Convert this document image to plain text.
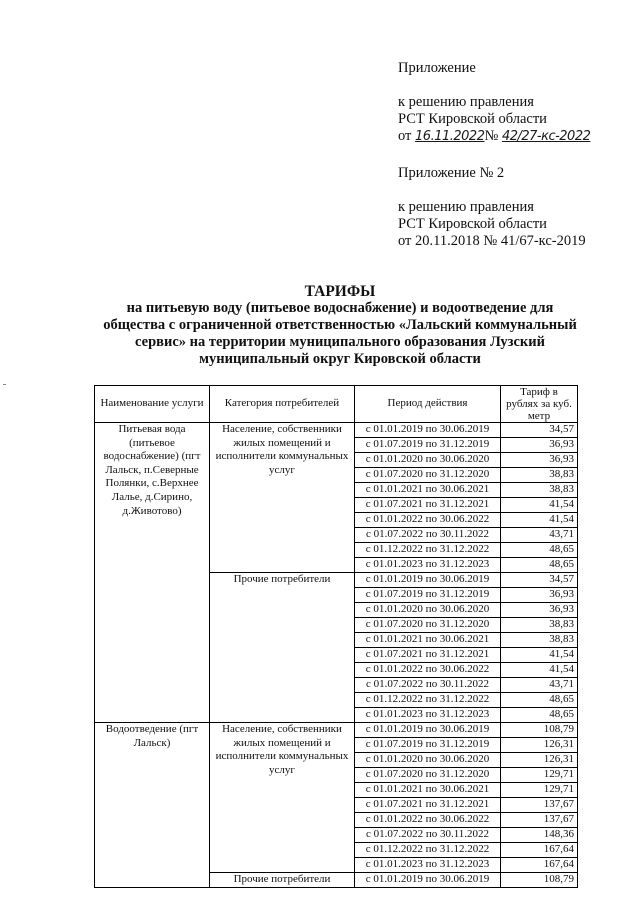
Приложение

к решению правления

РСТ Кировской области

от 16.11.2022№ 42/27-кс-2022

Приложение № 2

к решению правления

РСТ Кировской области

от 20.11.2018 № 41/67-кс-2019

ТАРИФЫ

на питьевую воду (питьевое водоснабжение) и водоотведение для

общества с ограниченной ответственностью «Лальский коммунальный

сервис» на территории муниципального образования Лузский

муниципальный округ Кировской области

Наименование услуги	Категория потребителей	Период действия	Тариф в рублях за куб. метр
Питьевая вода (питьевое водоснабжение) (пгт Лальск, п.Северные Полянки, с.Верхнее Лалье, д.Сирино, д.Животово)	Население, собственники жилых помещений и исполнители коммунальных услуг	с 01.01.2019 по 30.06.2019	34,57
		с 01.07.2019 по 31.12.2019	36,93
		с 01.01.2020 по 30.06.2020	36,93
		с 01.07.2020 по 31.12.2020	38,83
		с 01.01.2021 по 30.06.2021	38,83
		с 01.07.2021 по 31.12.2021	41,54
		с 01.01.2022 по 30.06.2022	41,54
		с 01.07.2022 по 30.11.2022	43,71
		с 01.12.2022 по 31.12.2022	48,65
		с 01.01.2023 по 31.12.2023	48,65
	Прочие потребители	с 01.01.2019 по 30.06.2019	34,57
		с 01.07.2019 по 31.12.2019	36,93
		с 01.01.2020 по 30.06.2020	36,93
		с 01.07.2020 по 31.12.2020	38,83
		с 01.01.2021 по 30.06.2021	38,83
		с 01.07.2021 по 31.12.2021	41,54
		с 01.01.2022 по 30.06.2022	41,54
		с 01.07.2022 по 30.11.2022	43,71
		с 01.12.2022 по 31.12.2022	48,65
		с 01.01.2023 по 31.12.2023	48,65
Водоотведение (пгт Лальск)	Население, собственники жилых помещений и исполнители коммунальных услуг	с 01.01.2019 по 30.06.2019	108,79
		с 01.07.2019 по 31.12.2019	126,31
		с 01.01.2020 по 30.06.2020	126,31
		с 01.07.2020 по 31.12.2020	129,71
		с 01.01.2021 по 30.06.2021	129,71
		с 01.07.2021 по 31.12.2021	137,67
		с 01.01.2022 по 30.06.2022	137,67
		с 01.07.2022 по 30.11.2022	148,36
		с 01.12.2022 по 31.12.2022	167,64
		с 01.01.2023 по 31.12.2023	167,64
	Прочие потребители	с 01.01.2019 по 30.06.2019	108,79
